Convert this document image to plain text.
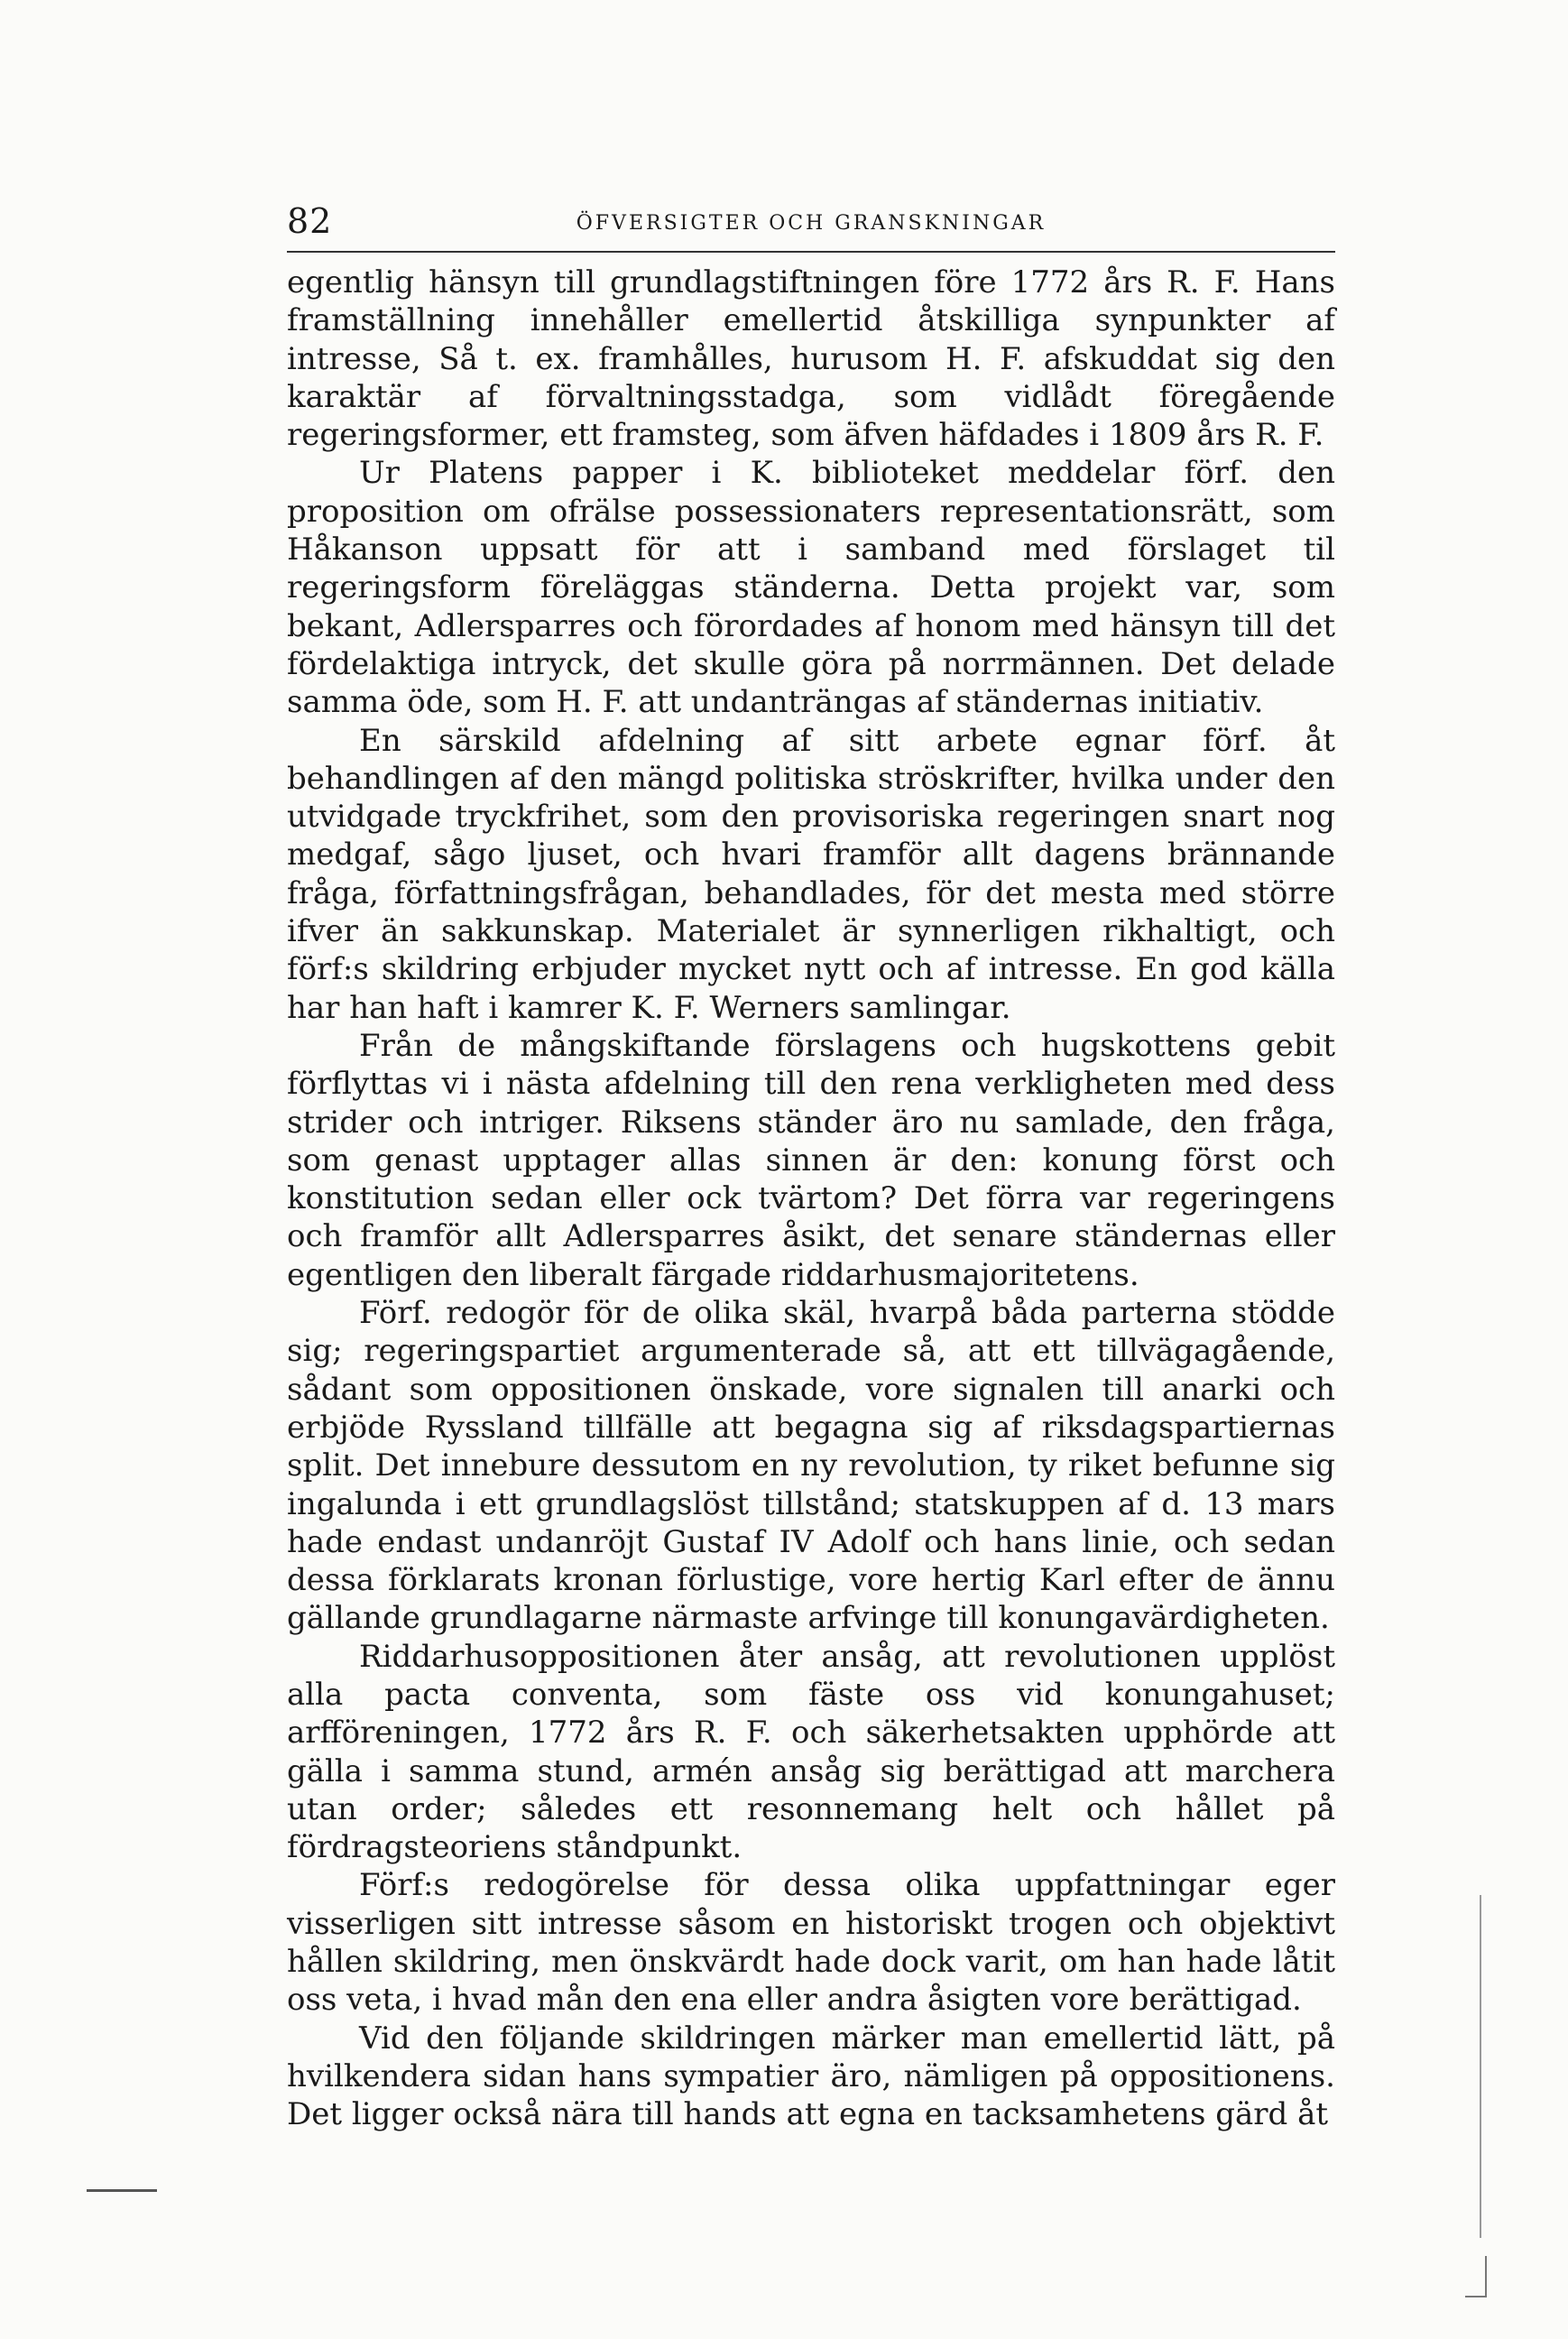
82	ÖFVERSIGTER OCH GRANSKNINGAR

egentlig hänsyn till grundlagstiftningen före 1772 års R. F. Hans framställning innehåller emellertid åtskilliga synpunkter af intresse, Så t. ex. framhålles, hurusom H. F. afskuddat sig den karaktär af förvaltningsstadga, som vidlådt föregående regeringsformer, ett framsteg, som äfven häfdades i 1809 års R. F.

Ur Platens papper i K. biblioteket meddelar förf. den proposition om ofrälse possessionaters representationsrätt, som Håkanson uppsatt för att i samband med förslaget til regeringsform föreläggas ständerna. Detta projekt var, som bekant, Adlersparres och förordades af honom med hänsyn till det fördelaktiga intryck, det skulle göra på norrmännen. Det delade samma öde, som H. F. att undanträngas af ständernas initiativ.

En särskild afdelning af sitt arbete egnar förf. åt behandlingen af den mängd politiska ströskrifter, hvilka under den utvidgade tryckfrihet, som den provisoriska regeringen snart nog medgaf, sågo ljuset, och hvari framför allt dagens brännande fråga, författningsfrågan, behandlades, för det mesta med större ifver än sakkunskap. Materialet är synnerligen rikhaltigt, och förf:s skildring erbjuder mycket nytt och af intresse. En god källa har han haft i kamrer K. F. Werners samlingar.

Från de mångskiftande förslagens och hugskottens gebit förflyttas vi i nästa afdelning till den rena verkligheten med dess strider och intriger. Riksens ständer äro nu samlade, den fråga, som genast upptager allas sinnen är den: konung först och konstitution sedan eller ock tvärtom? Det förra var regeringens och framför allt Adlersparres åsikt, det senare ständernas eller egentligen den liberalt färgade riddarhusmajoritetens.

Förf. redogör för de olika skäl, hvarpå båda parterna stödde sig; regeringspartiet argumenterade så, att ett tillvägagående, sådant som oppositionen önskade, vore signalen till anarki och erbjöde Ryssland tillfälle att begagna sig af riksdagspartiernas split. Det innebure dessutom en ny revolution, ty riket befunne sig ingalunda i ett grundlagslöst tillstånd; statskuppen af d. 13 mars hade endast undanröjt Gustaf IV Adolf och hans linie, och sedan dessa förklarats kronan förlustige, vore hertig Karl efter de ännu gällande grundlagarne närmaste arfvinge till konungavärdigheten.

Riddarhusoppositionen åter ansåg, att revolutionen upplöst alla pacta conventa, som fäste oss vid konungahuset; arfföreningen, 1772 års R. F. och säkerhetsakten upphörde att gälla i samma stund, armén ansåg sig berättigad att marchera utan order; således ett resonnemang helt och hållet på fördragsteoriens ståndpunkt.

Förf:s redogörelse för dessa olika uppfattningar eger visserligen sitt intresse såsom en historiskt trogen och objektivt hållen skildring, men önskvärdt hade dock varit, om han hade låtit oss veta, i hvad mån den ena eller andra åsigten vore berättigad.

Vid den följande skildringen märker man emellertid lätt, på hvilkendera sidan hans sympatier äro, nämligen på oppositionens. Det ligger också nära till hands att egna en tacksamhetens gärd åt
